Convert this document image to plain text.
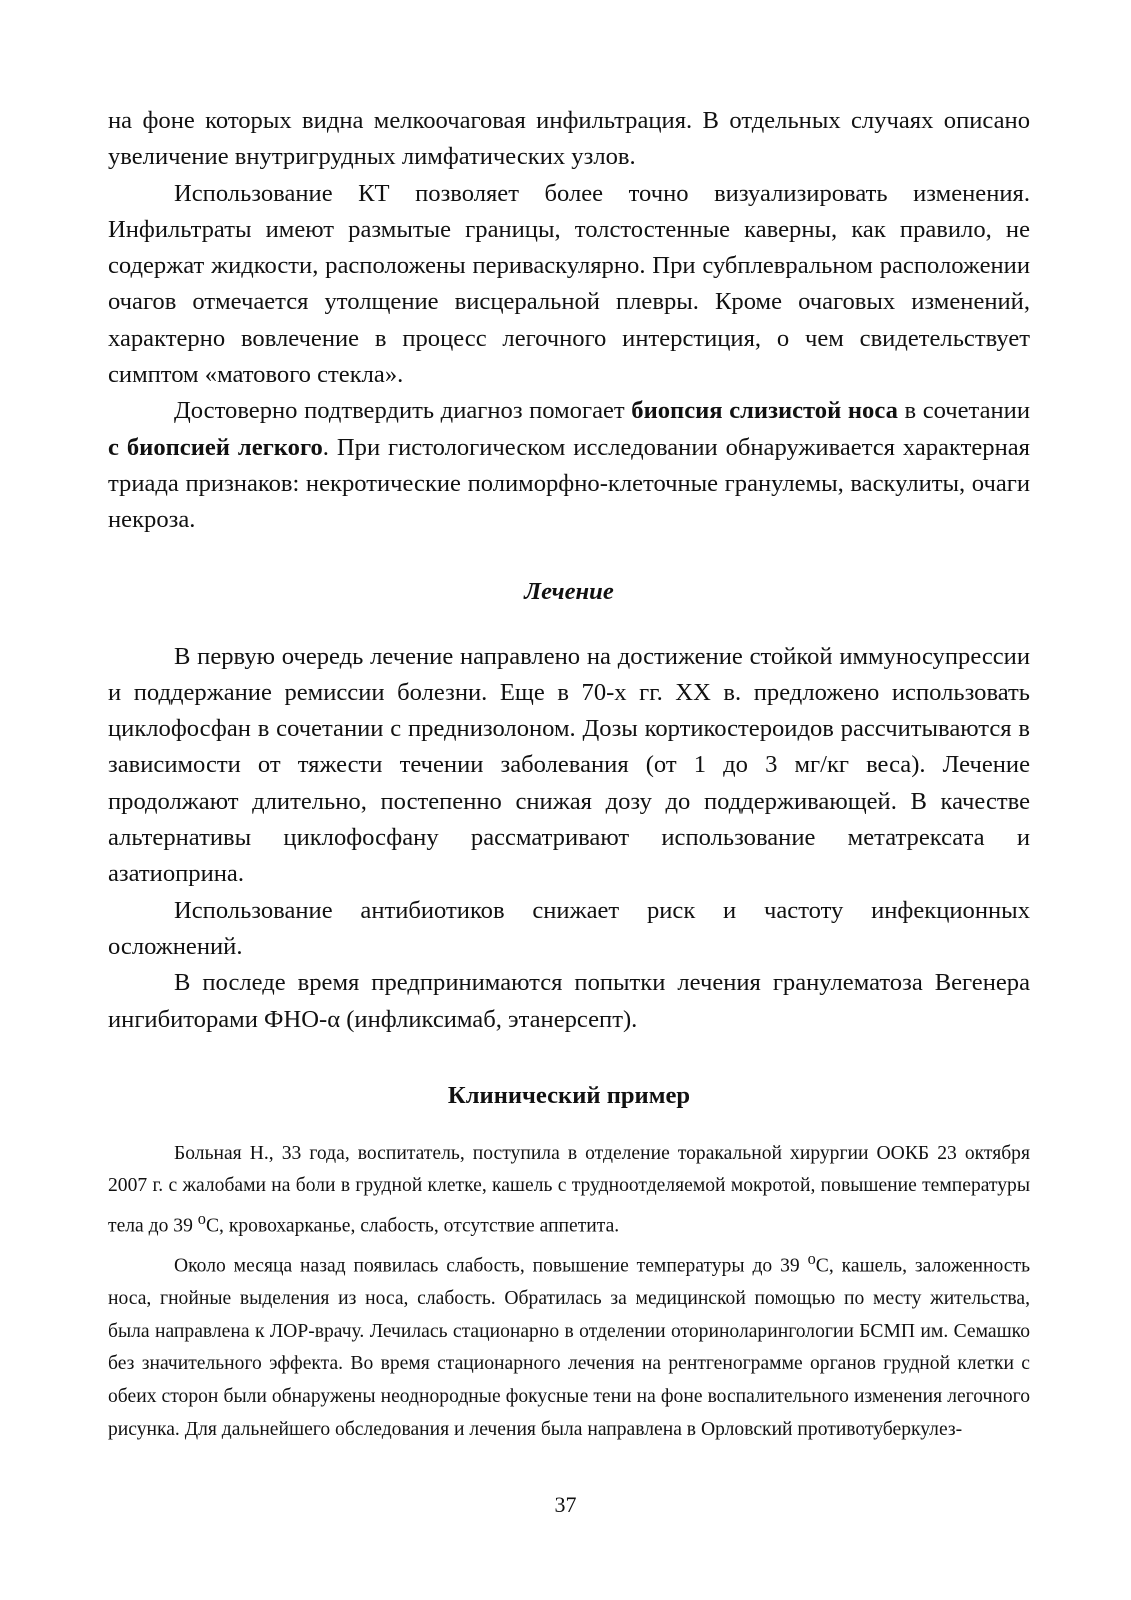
на фоне которых видна мелкоочаговая инфильтрация. В отдельных случаях описано увеличение внутригрудных лимфатических узлов.

Использование КТ позволяет более точно визуализировать изменения. Инфильтраты имеют размытые границы, толстостенные каверны, как правило, не содержат жидкости, расположены периваскулярно. При субплевральном расположении очагов отмечается утолщение висцеральной плевры. Кроме очаговых изменений, характерно вовлечение в процесс легочного интерстиция, о чем свидетельствует симптом «матового стекла».

Достоверно подтвердить диагноз помогает биопсия слизистой носа в сочетании с биопсией легкого. При гистологическом исследовании обнаруживается характерная триада признаков: некротические полиморфно-клеточные гранулемы, васкулиты, очаги некроза.

Лечение

В первую очередь лечение направлено на достижение стойкой иммуносупрессии и поддержание ремиссии болезни. Еще в 70-х гг. XX в. предложено использовать циклофосфан в сочетании с преднизолоном. Дозы кортикостероидов рассчитываются в зависимости от тяжести течении заболевания (от 1 до 3 мг/кг веса). Лечение продолжают длительно, постепенно снижая дозу до поддерживающей. В качестве альтернативы циклофосфану рассматривают использование метатрексата и азатиоприна.

Использование антибиотиков снижает риск и частоту инфекционных осложнений.

В последе время предпринимаются попытки лечения гранулематоза Вегенера ингибиторами ФНО-α (инфликсимаб, этанерсепт).

Клинический пример

Больная Н., 33 года, воспитатель, поступила в отделение торакальной хирургии ООКБ 23 октября 2007 г. с жалобами на боли в грудной клетке, кашель с трудноотделяемой мокротой, повышение температуры тела до 39 $^о$С, кровохарканье, слабость, отсутствие аппетита.

Около месяца назад появилась слабость, повышение температуры до 39 $^о$С, кашель, заложенность носа, гнойные выделения из носа, слабость. Обратилась за медицинской помощью по месту жительства, была направлена к ЛОР-врачу. Лечилась стационарно в отделении оториноларингологии БСМП им. Семашко без значительного эффекта. Во время стационарного лечения на рентгенограмме органов грудной клетки с обеих сторон были обнаружены неоднородные фокусные тени на фоне воспалительного изменения легочного рисунка. Для дальнейшего обследования и лечения была направлена в Орловский противотуберкулез-

37
